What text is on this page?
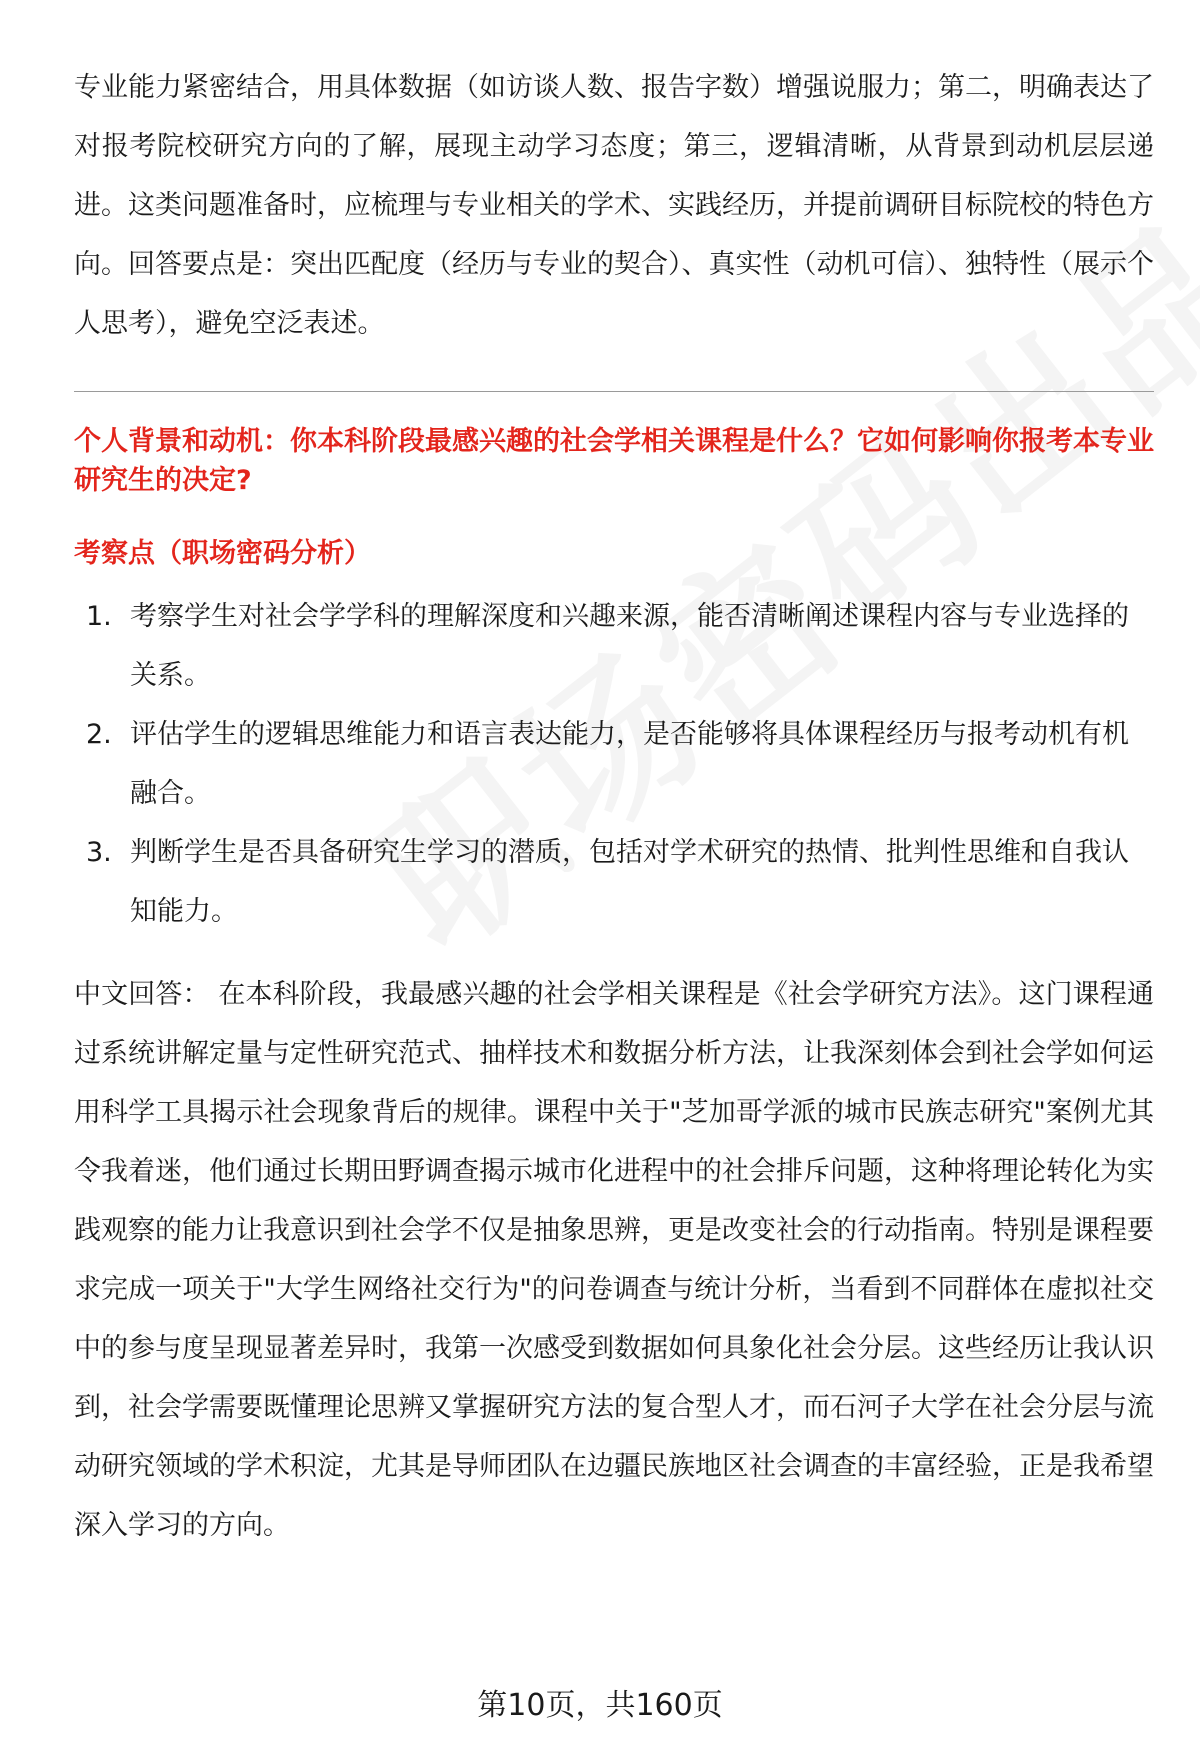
专业能力紧密结合，用具体数据（如访谈人数、报告字数）增强说服力；第二，明确表达了对报考院校研究方向的了解，展现主动学习态度；第三，逻辑清晰，从背景到动机层层递进。这类问题准备时，应梳理与专业相关的学术、实践经历，并提前调研目标院校的特色方向。回答要点是：突出匹配度（经历与专业的契合）、真实性（动机可信）、独特性（展示个人思考），避免空泛表述。

个人背景和动机：你本科阶段最感兴趣的社会学相关课程是什么？它如何影响你报考本专业研究生的决定?

考察点（职场密码分析）

1. 考察学生对社会学学科的理解深度和兴趣来源，能否清晰阐述课程内容与专业选择的关系。
2. 评估学生的逻辑思维能力和语言表达能力，是否能够将具体课程经历与报考动机有机融合。
3. 判断学生是否具备研究生学习的潜质，包括对学术研究的热情、批判性思维和自我认知能力。

中文回答： 在本科阶段，我最感兴趣的社会学相关课程是《社会学研究方法》。这门课程通过系统讲解定量与定性研究范式、抽样技术和数据分析方法，让我深刻体会到社会学如何运用科学工具揭示社会现象背后的规律。课程中关于"芝加哥学派的城市民族志研究"案例尤其令我着迷，他们通过长期田野调查揭示城市化进程中的社会排斥问题，这种将理论转化为实践观察的能力让我意识到社会学不仅是抽象思辨，更是改变社会的行动指南。特别是课程要求完成一项关于"大学生网络社交行为"的问卷调查与统计分析，当看到不同群体在虚拟社交中的参与度呈现显著差异时，我第一次感受到数据如何具象化社会分层。这些经历让我认识到，社会学需要既懂理论思辨又掌握研究方法的复合型人才，而石河子大学在社会分层与流动研究领域的学术积淀，尤其是导师团队在边疆民族地区社会调查的丰富经验，正是我希望深入学习的方向。

第10页，共160页
